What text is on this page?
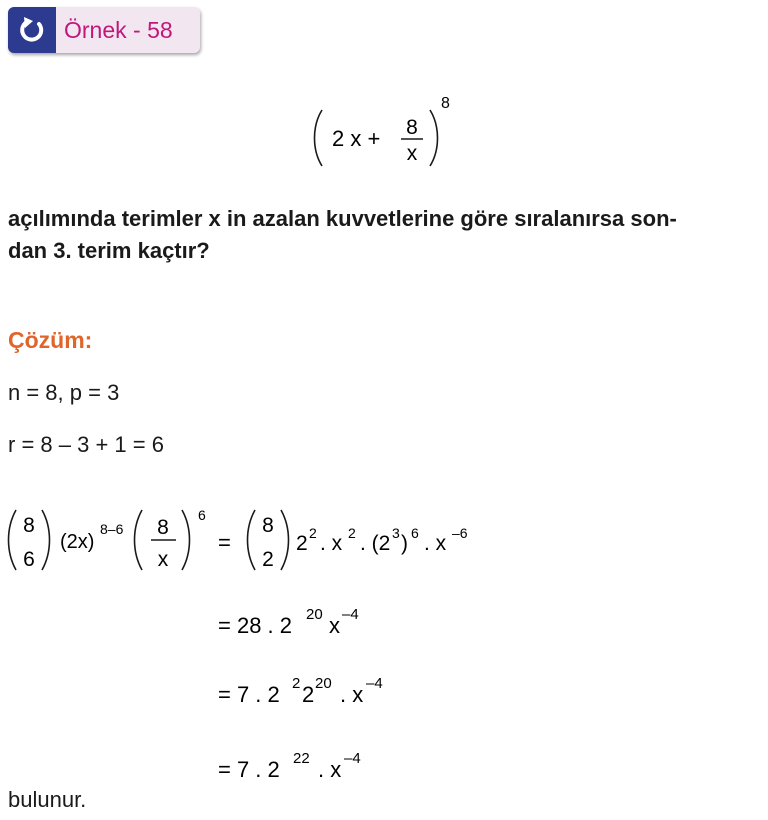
Örnek - 58
2 x + 8
x
8
açılımında terimler x in azalan kuvvetlerine göre sıralanırsa son-
dan 3. terim kaçtır?
Çözüm:
n = 8, p = 3
r = 8 – 3 + 1 = 6
8
6
(2x)
8–6 8
x
6
=
8
2
2 2 . x 2 . (2 3 ) 6 . x –6
= 28 . 2 20 x –4
= 7 . 2 2 2 20 . x –4
= 7 . 2 22 . x –4
bulunur.
